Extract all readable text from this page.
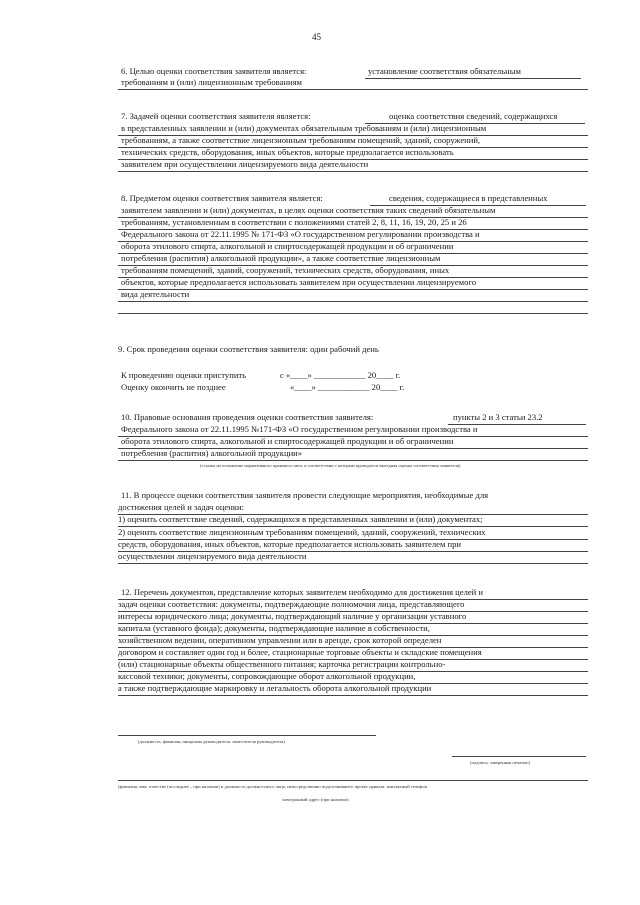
45
6. Целью оценки соответствия заявителя является:	установление соответствия обязательным
требованиям и (или) лицензионным требованиям
7. Задачей оценки соответствия заявителя является:	оценка соответствия сведений, содержащихся
в представленных заявлении и (или) документах обязательным требованиям и (или) лицензионным
требованиям, а также соответствие лицензионным требованиям помещений, зданий, сооружений,
технических средств, оборудования, иных объектов, которые предполагается использовать
заявителем при осуществлении лицензируемого вида деятельности
8. Предметом оценки соответствия заявителя является:	сведения, содержащиеся в представленных
заявителем заявлении и (или) документах, в целях оценки соответствия таких сведений обязательным
требованиям, установленным в соответствии с положениями статей 2, 8, 11, 16, 19, 20, 25 и 26
Федерального закона от 22.11.1995 № 171-ФЗ «О государственном регулировании производства и
оборота этилового спирта, алкогольной и спиртосодержащей продукции и об ограничении
потребления (распития) алкогольной продукции», а также соответствие лицензионным
требованиям помещений, зданий, сооружений, технических средств, оборудования, иных
объектов, которые предполагается использовать заявителем при осуществлении лицензируемого
вида деятельности
9. Срок проведения оценки соответствия заявителя: один рабочий день
К проведению оценки приступить	с «____» ____________ 20____ г.
Оценку окончить не позднее	«____» ____________ 20____ г.
10. Правовые основания проведения оценки соответствия заявителя:	пункты 2 и 3 статьи 23.2
Федерального закона от 22.11.1995 №171-ФЗ «О государственном регулировании производства и
оборота этилового спирта, алкогольной и спиртосодержащей продукции и об ограничении
потребления (распития) алкогольной продукции»
(ссылка на положение нормативного правового акта, в соответствии с которым проводится выездная оценка соответствия заявителя)
11. В процессе оценки соответствия заявителя провести следующие мероприятия, необходимые для
достижения целей и задач оценки:
1) оценить соответствие сведений, содержащихся в представленных заявлении и (или) документах;
2) оценить соответствие лицензионным требованиям помещений, зданий, сооружений, технических
средств, оборудования, иных объектов, которые предполагается использовать заявителем при
осуществлении лицензируемого вида деятельности
12. Перечень документов, представление которых заявителем необходимо для достижения целей и
задач оценки соответствия: документы, подтверждающие полномочия лица, представляющего
интересы юридического лица; документы, подтверждающий наличие у организации уставного
капитала (уставного фонда); документы, подтверждающие наличие в собственности,
хозяйственном ведении, оперативном управлении или в аренде, срок которой определен
договором и составляет один год и более, стационарные торговые объекты и складские помещения
(или) стационарные объекты общественного питания; карточка регистрации контрольно-
кассовой техники; документы, сопровождающие оборот алкогольной продукции,
а также подтверждающие маркировку и легальность оборота алкогольной продукции
(должность, фамилия, инициалы руководителя, заместителя руководителя)
(подпись, заверенная печатью)
(фамилия, имя, отчество (последнее – при наличии) и должность должностного лица, непосредственно подготовившего проект приказа, контактный телефон
электронный адрес (при наличии)
